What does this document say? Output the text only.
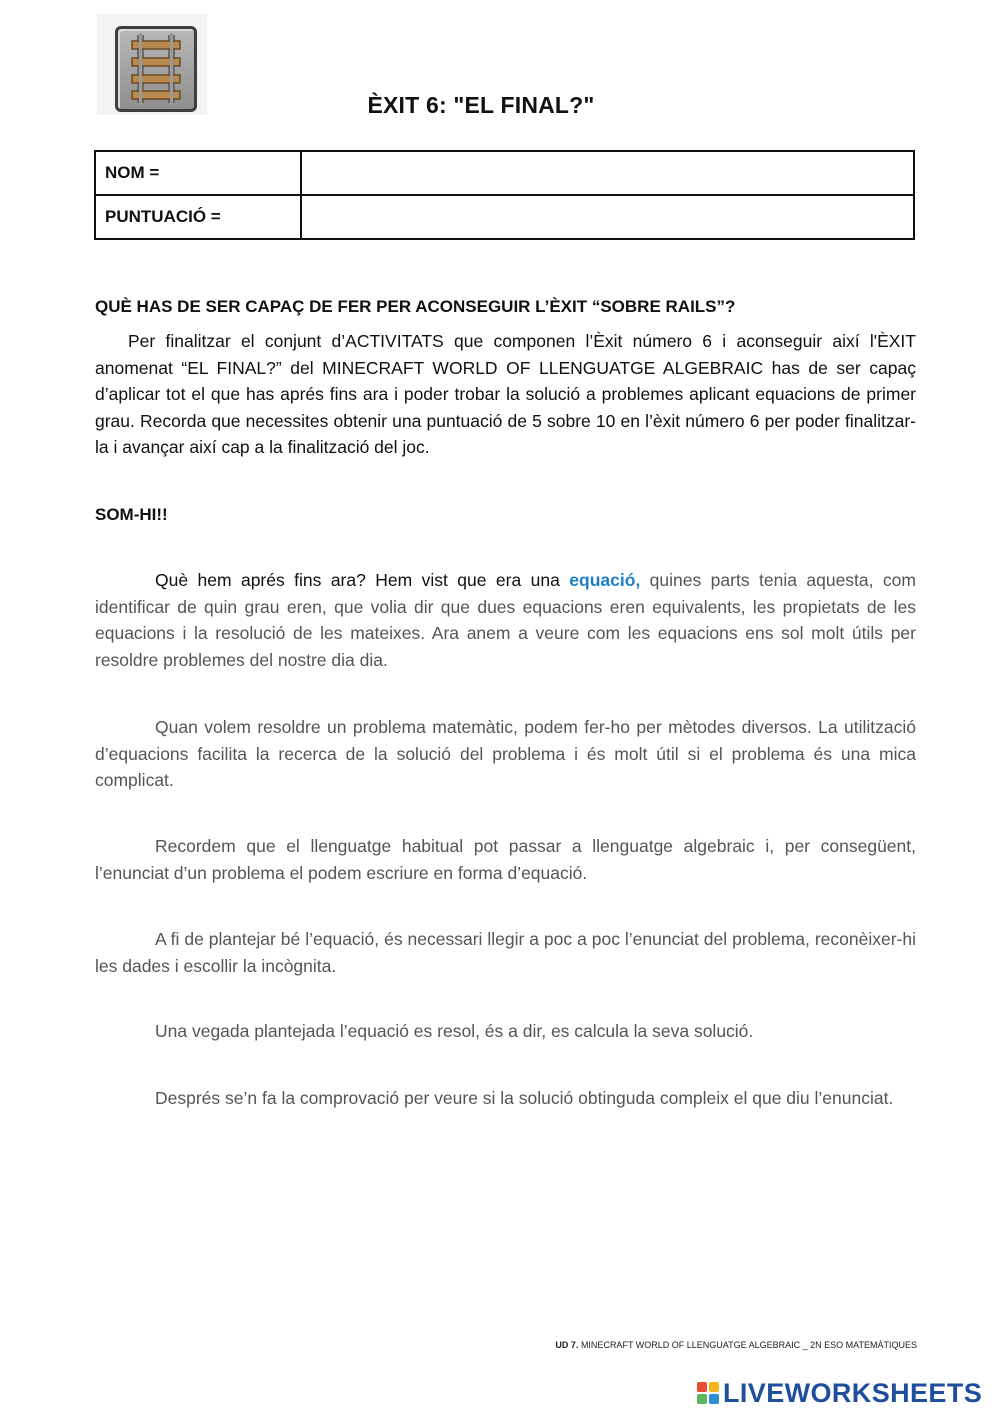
ÈXIT 6: "EL FINAL?"
NOM =	
PUNTUACIÓ =	
QUÈ HAS DE SER CAPAÇ DE FER PER ACONSEGUIR L’ÈXIT “SOBRE RAILS”?
Per finalitzar el conjunt d’ACTIVITATS que componen l’Èxit número 6 i aconseguir així l'ÈXIT anomenat “EL FINAL?” del MINECRAFT WORLD OF LLENGUATGE ALGEBRAIC has de ser capaç d’aplicar tot el que has aprés fins ara i poder trobar la solució a problemes aplicant equacions de primer grau. Recorda que necessites obtenir una puntuació de 5 sobre 10 en l’èxit número 6 per poder finalitzar-la i avançar així cap a la finalització del joc.
SOM-HI!!
Què hem aprés fins ara? Hem vist que era una equació, quines parts tenia aquesta, com identificar de quin grau eren, que volia dir que dues equacions eren equivalents, les propietats de les equacions i la resolució de les mateixes. Ara anem a veure com les equacions ens sol molt útils per resoldre problemes del nostre dia dia.
Quan volem resoldre un problema matemàtic, podem fer-ho per mètodes diversos. La utilització d’equacions facilita la recerca de la solució del problema i és molt útil si el problema és una mica complicat.
Recordem que el llenguatge habitual pot passar a llenguatge algebraic i, per consegüent, l’enunciat d’un problema el podem escriure en forma d’equació.
A fi de plantejar bé l’equació, és necessari llegir a poc a poc l’enunciat del problema, reconèixer-hi les dades i escollir la incògnita.
Una vegada plantejada l’equació es resol, és a dir, es calcula la seva solució.
Després se’n fa la comprovació per veure si la solució obtinguda compleix el que diu l’enunciat.
UD 7. MINECRAFT WORLD OF LLENGUATGE ALGEBRAIC _ 2N ESO MATEMÀTIQUES
LIVEWORKSHEETS
